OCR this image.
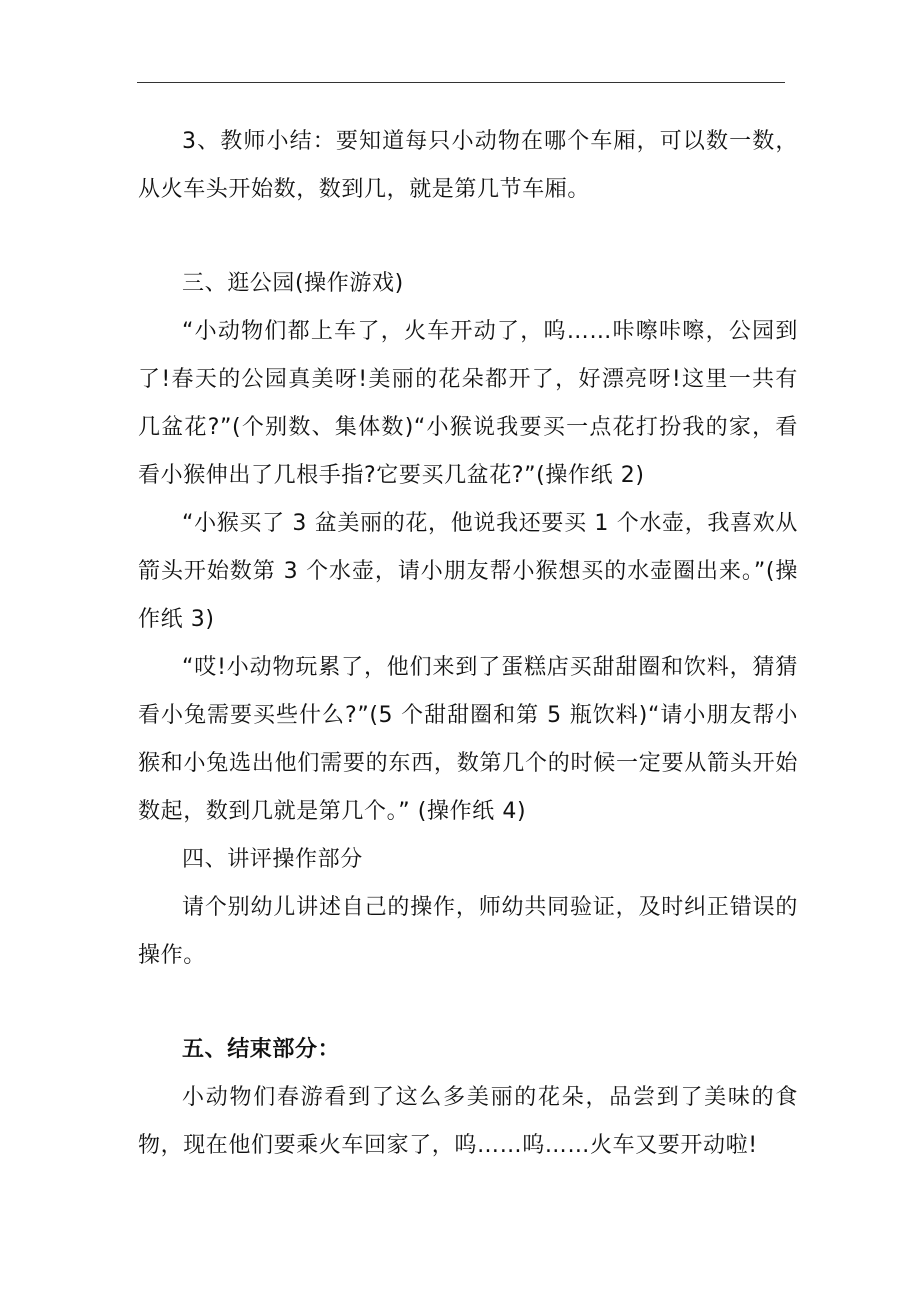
3、教师小结：要知道每只小动物在哪个车厢，可以数一数，从火车头开始数，数到几，就是第几节车厢。

三、逛公园(操作游戏)

“小动物们都上车了，火车开动了，呜……咔嚓咔嚓，公园到了!春天的公园真美呀!美丽的花朵都开了，好漂亮呀!这里一共有几盆花?”(个别数、集体数)“小猴说我要买一点花打扮我的家，看看小猴伸出了几根手指?它要买几盆花?”(操作纸 2)

“小猴买了 3 盆美丽的花，他说我还要买 1 个水壶，我喜欢从箭头开始数第 3 个水壶，请小朋友帮小猴想买的水壶圈出来。”(操作纸 3)

“哎!小动物玩累了，他们来到了蛋糕店买甜甜圈和饮料，猜猜看小兔需要买些什么?”(5 个甜甜圈和第 5 瓶饮料)“请小朋友帮小猴和小兔选出他们需要的东西，数第几个的时候一定要从箭头开始数起，数到几就是第几个。” (操作纸 4)

四、讲评操作部分

请个别幼儿讲述自己的操作，师幼共同验证，及时纠正错误的操作。

五、结束部分：

小动物们春游看到了这么多美丽的花朵，品尝到了美味的食物，现在他们要乘火车回家了，呜……呜……火车又要开动啦!
